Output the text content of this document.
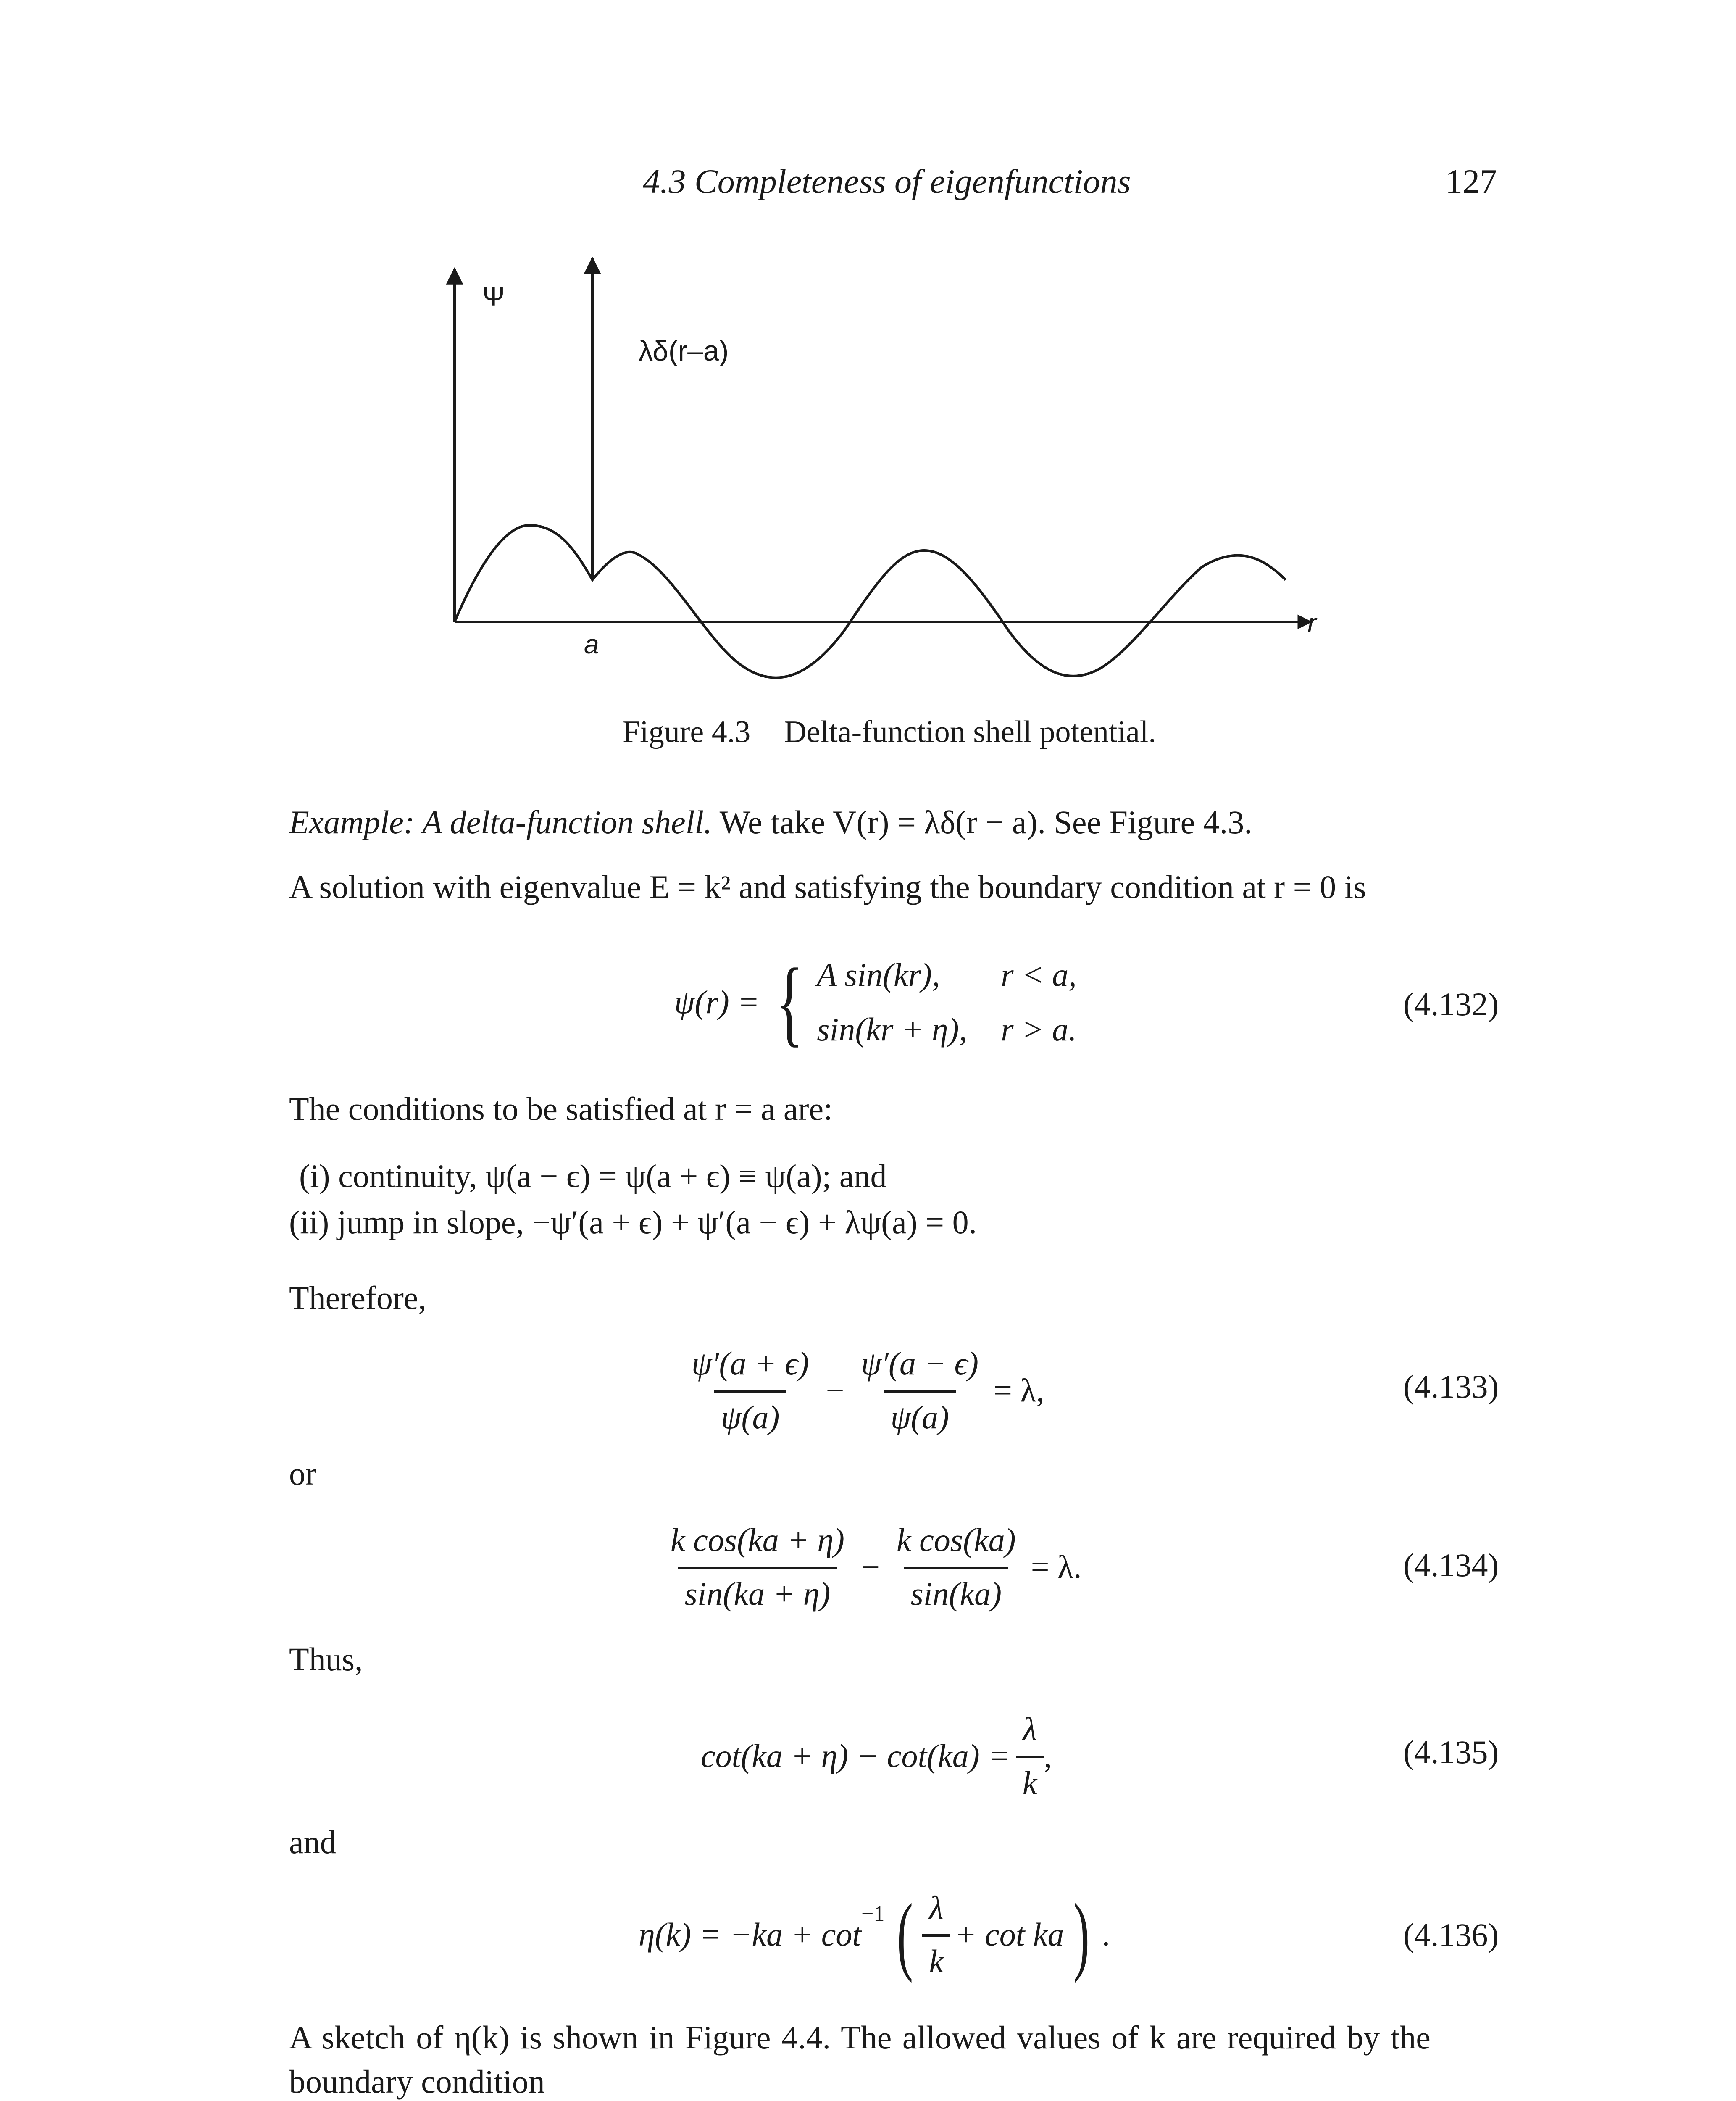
4.3 Completeness of eigenfunctions	127
Ψ
λδ(r–a)
a
r
Figure 4.3 Delta-function shell potential.
Example: A delta-function shell. We take V(r) = λδ(r − a). See Figure 4.3.
A solution with eigenvalue E = k² and satisfying the boundary condition at r = 0 is
ψ(r) = { A sin(kr),	r < a,
sin(kr + η), r > a.
(4.132)
The conditions to be satisfied at r = a are:
(i) continuity, ψ(a − ϵ) = ψ(a + ϵ) ≡ ψ(a); and
(ii) jump in slope, −ψ′(a + ϵ) + ψ′(a − ϵ) + λψ(a) = 0.
Therefore,
$\frac{\psi'(a + \epsilon)}{\psi(a)} - \frac{\psi'(a - \epsilon)}{\psi(a)} = \lambda$,	(4.133)
or
$\frac{\text{k cos(ka + η)}}{\sin(ka + \eta)} - \frac{\text{k cos(ka)}}{\sin(ka)} = \lambda$.	(4.134)
Thus,
$\cot(ka + \eta) - \cot(ka) = \frac{\lambda}{k}$ ,	(4.135)
and
η(k) = −ka + cot
$^{-1}$ ( $\frac{\lambda}{k} + \cot$ ka ) .	(4.136)
A sketch of η(k) is shown in Figure 4.4. The allowed values of k are required by the
boundary condition
